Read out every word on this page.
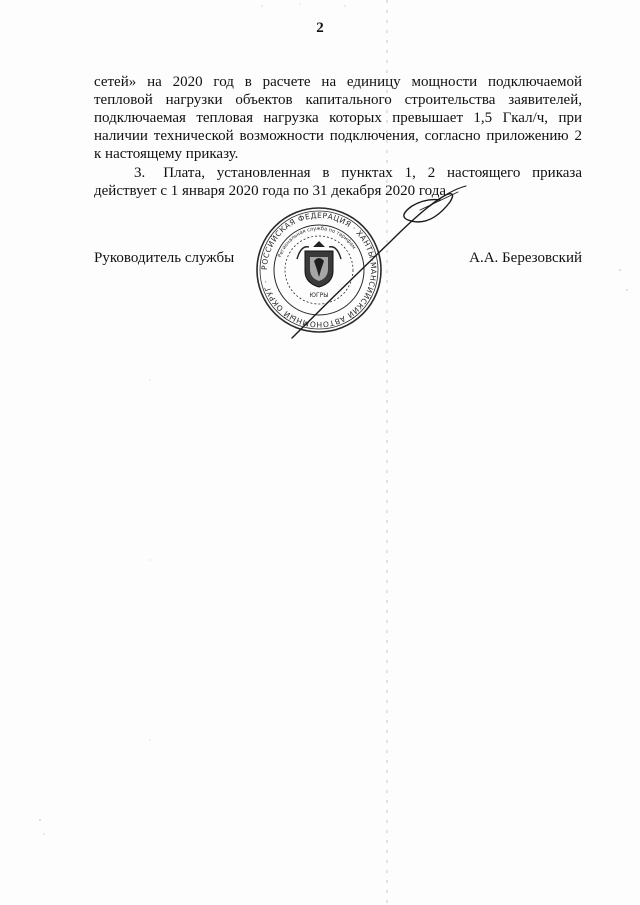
2
сетей» на 2020 год в расчете на единицу мощности подключаемой
тепловой нагрузки объектов капитального строительства заявителей,
подключаемая тепловая нагрузка которых превышает 1,5 Гкал/ч, при
наличии технической возможности подключения, согласно приложению 2
к настоящему приказу.
3. Плата, установленная в пунктах 1, 2 настоящего приказа
действует с 1 января 2020 года по 31 декабря 2020 года.
Руководитель службы	А.А. Березовский
РОССИЙСКАЯ ФЕДЕРАЦИЯ · ХАНТЫ-МАНСИЙСКИЙ АВТОНОМНЫЙ ОКРУГ ·
Региональная служба по тарифам
ЮГРЫ
